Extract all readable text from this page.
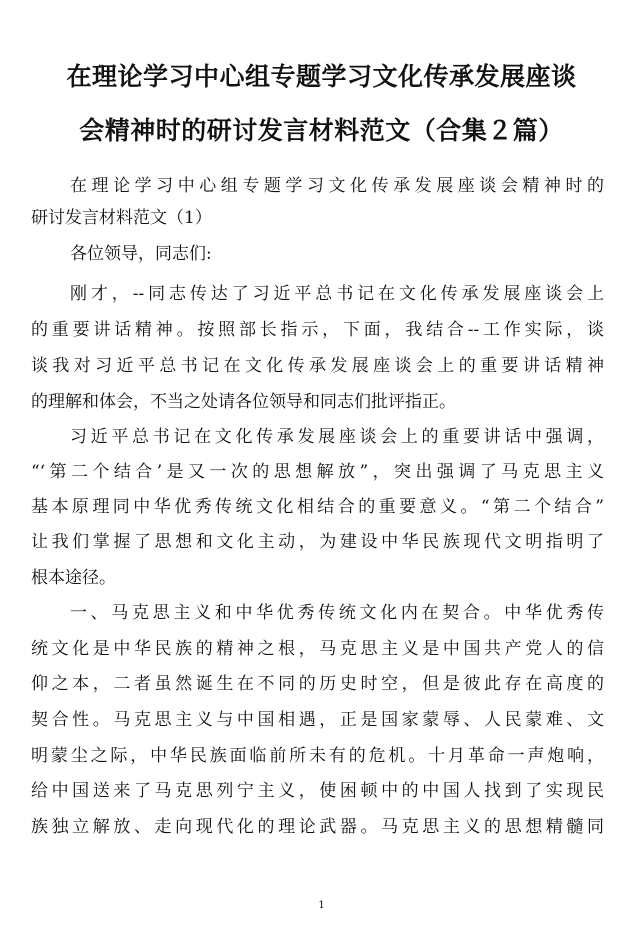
在理论学习中心组专题学习文化传承发展座谈
会精神时的研讨发言材料范文（合集２篇）
在理论学习中心组专题学习文化传承发展座谈会精神时的
研讨发言材料范文（1）
各位领导，同志们:
刚才，--同志传达了习近平总书记在文化传承发展座谈会上
的重要讲话精神。按照部长指示，下面，我结合--工作实际，谈
谈我对习近平总书记在文化传承发展座谈会上的重要讲话精神
的理解和体会，不当之处请各位领导和同志们批评指正。
习近平总书记在文化传承发展座谈会上的重要讲话中强调，
“‘第二个结合’是又一次的思想解放”，突出强调了马克思主义
基本原理同中华优秀传统文化相结合的重要意义。“第二个结合”
让我们掌握了思想和文化主动，为建设中华民族现代文明指明了
根本途径。
一、马克思主义和中华优秀传统文化内在契合。中华优秀传
统文化是中华民族的精神之根，马克思主义是中国共产党人的信
仰之本，二者虽然诞生在不同的历史时空，但是彼此存在高度的
契合性。马克思主义与中国相遇，正是国家蒙辱、人民蒙难、文
明蒙尘之际，中华民族面临前所未有的危机。十月革命一声炮响，
给中国送来了马克思列宁主义，使困顿中的中国人找到了实现民
族独立解放、走向现代化的理论武器。马克思主义的思想精髓同
1
